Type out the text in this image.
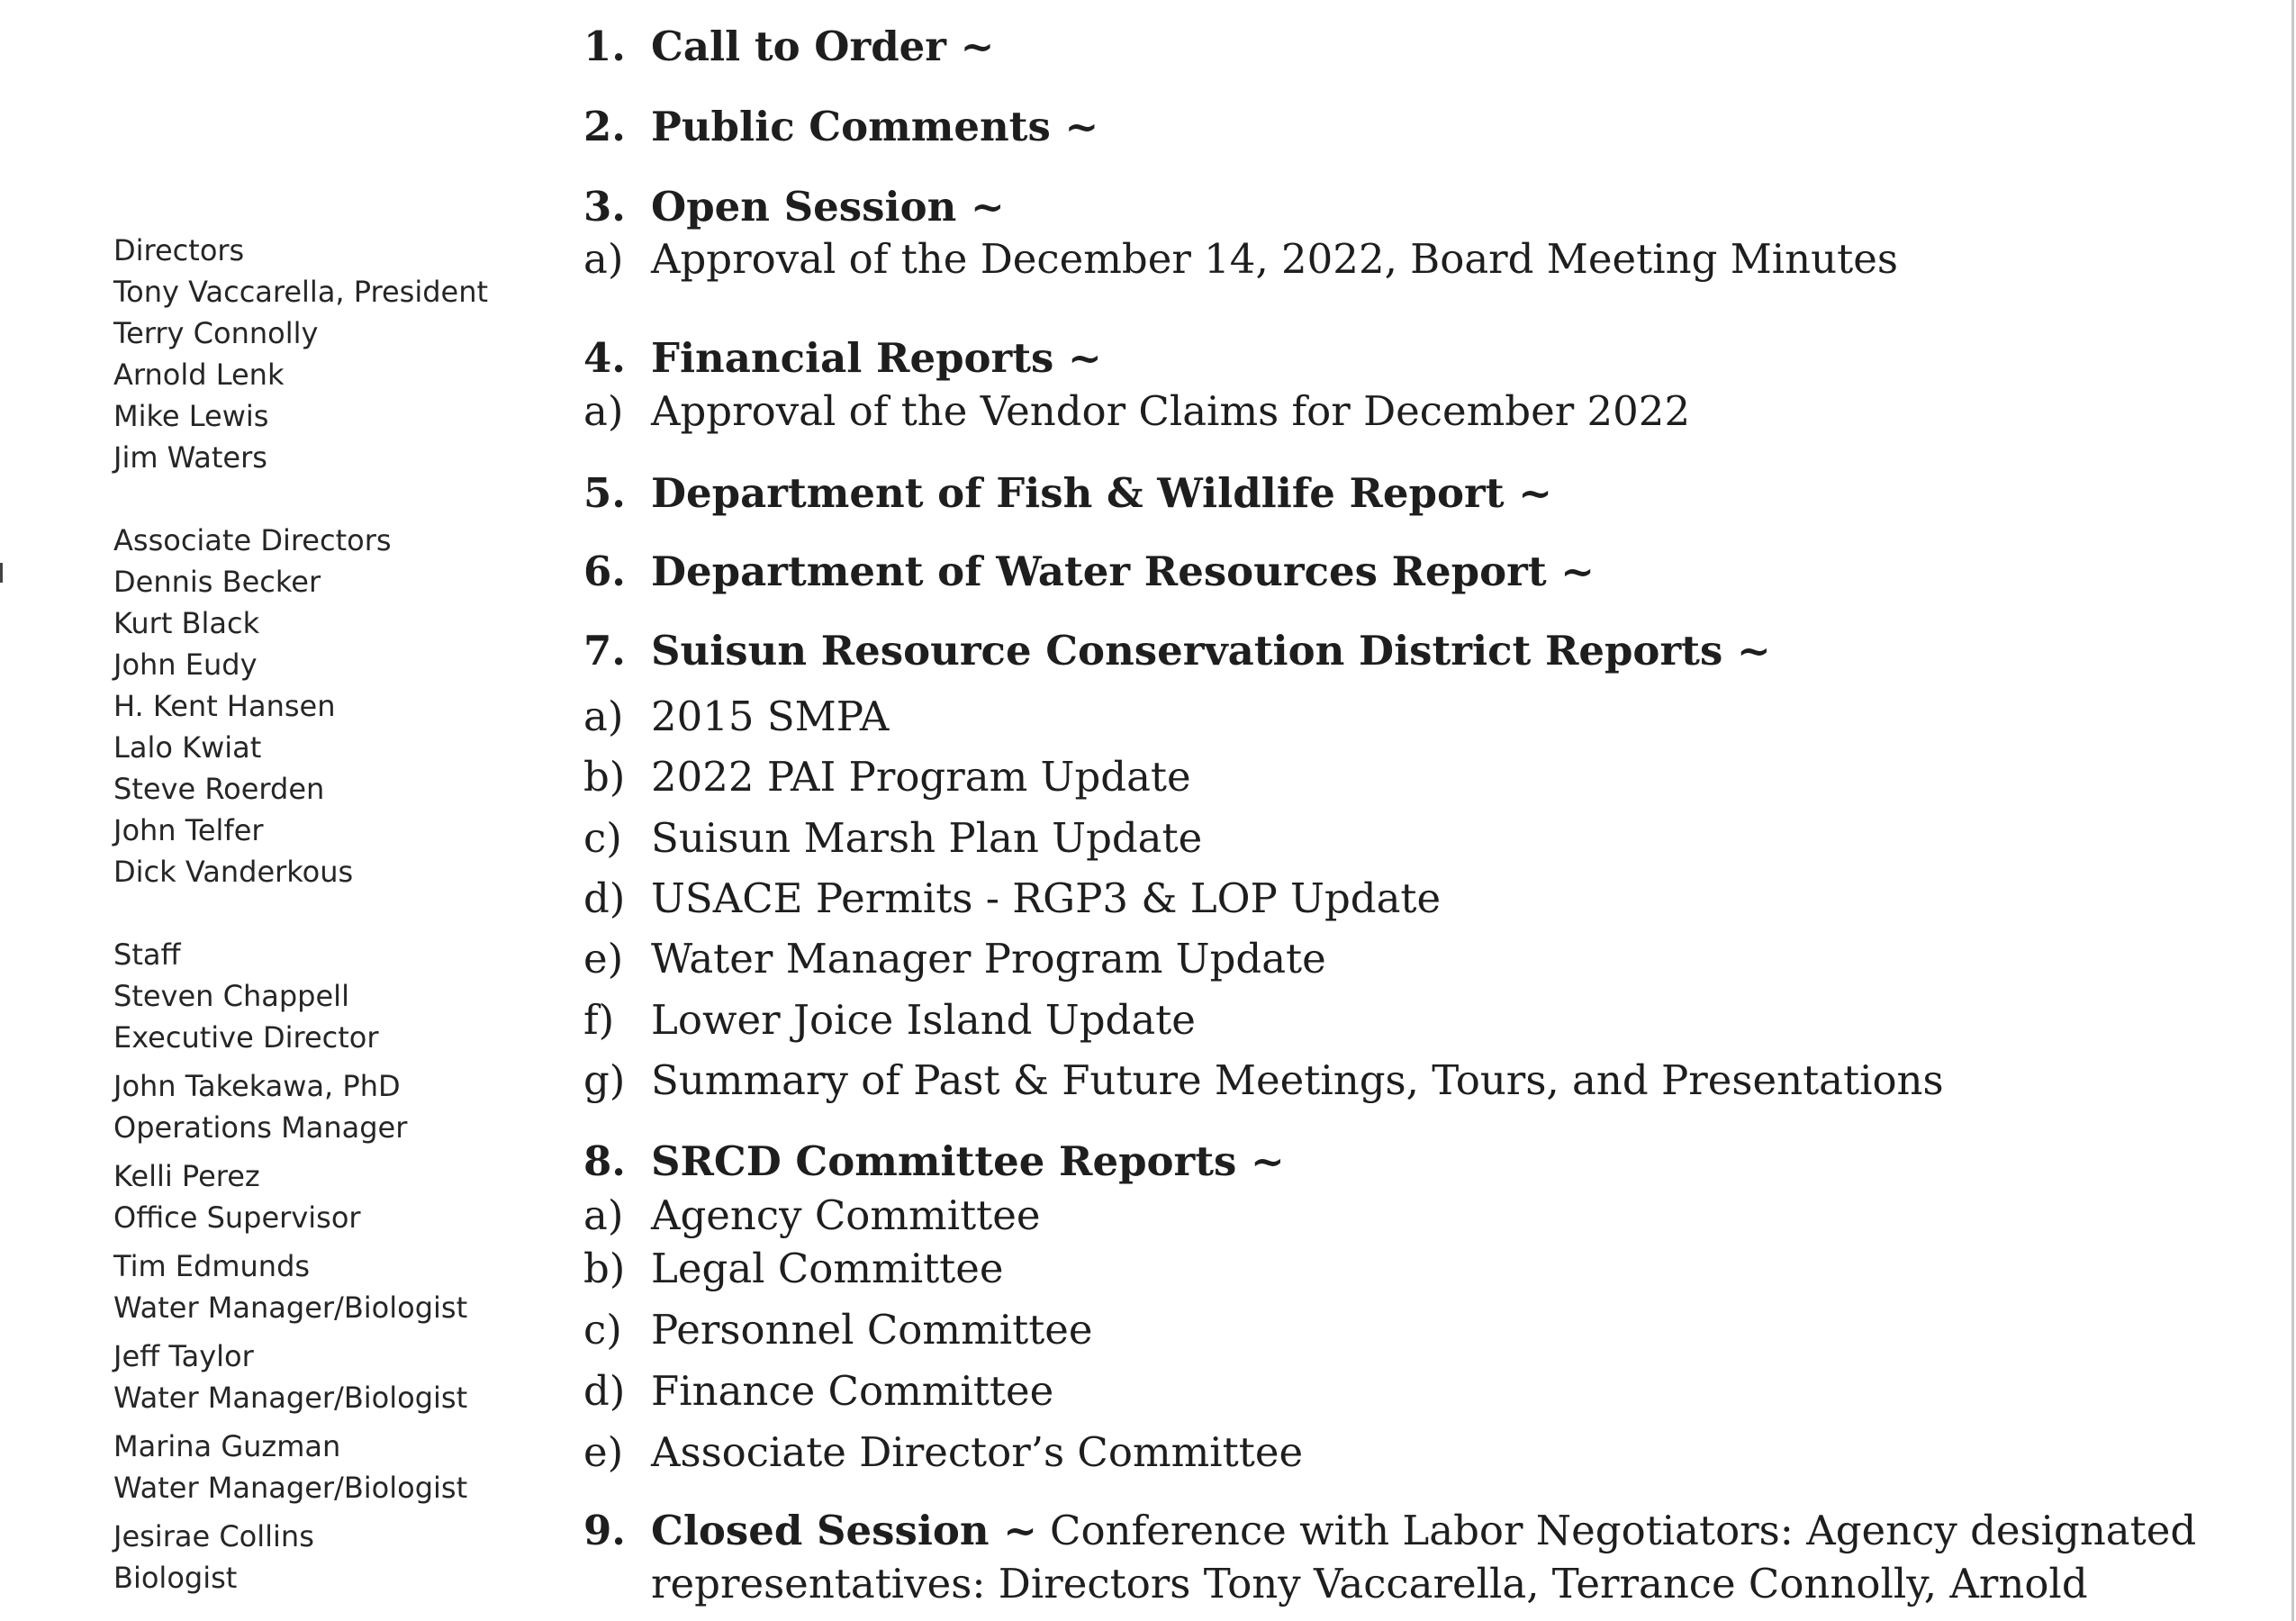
Directors
Tony Vaccarella, President
Terry Connolly
Arnold Lenk
Mike Lewis
Jim Waters
Associate Directors
Dennis Becker
Kurt Black
John Eudy
H. Kent Hansen
Lalo Kwiat
Steve Roerden
John Telfer
Dick Vanderkous
Staff
Steven Chappell
Executive Director
John Takekawa, PhD
Operations Manager
Kelli Perez
Office Supervisor
Tim Edmunds
Water Manager/Biologist
Jeff Taylor
Water Manager/Biologist
Marina Guzman
Water Manager/Biologist
Jesirae Collins
Biologist
1. Call to Order ~
2. Public Comments ~
3. Open Session ~
a) Approval of the December 14, 2022, Board Meeting Minutes
4. Financial Reports ~
a) Approval of the Vendor Claims for December 2022
5. Department of Fish & Wildlife Report ~
6. Department of Water Resources Report ~
7. Suisun Resource Conservation District Reports ~
a) 2015 SMPA
b) 2022 PAI Program Update
c) Suisun Marsh Plan Update
d) USACE Permits - RGP3 & LOP Update
e) Water Manager Program Update
f) Lower Joice Island Update
g) Summary of Past & Future Meetings, Tours, and Presentations
8. SRCD Committee Reports ~
a) Agency Committee
b) Legal Committee
c) Personnel Committee
d) Finance Committee
e) Associate Director’s Committee
9. Closed Session ~ Conference with Labor Negotiators: Agency designated
representatives: Directors Tony Vaccarella, Terrance Connolly, Arnold
